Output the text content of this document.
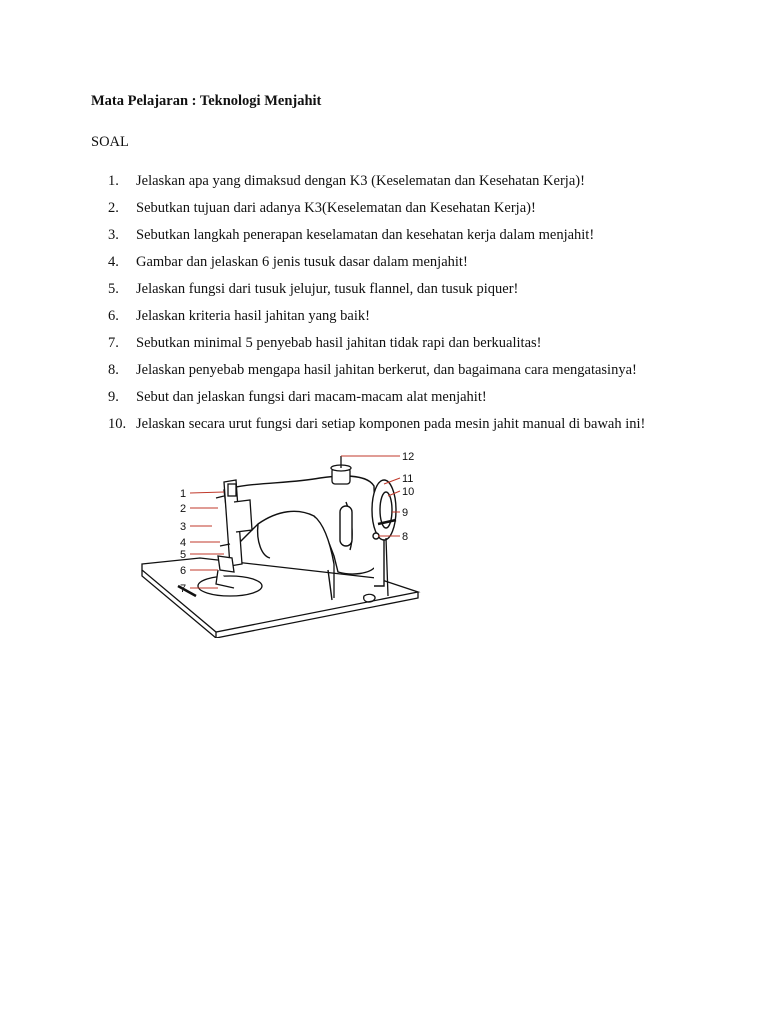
Mata Pelajaran : Teknologi Menjahit
SOAL
1.	Jelaskan apa yang dimaksud dengan K3 (Keselematan dan Kesehatan Kerja)!
2.	Sebutkan tujuan dari adanya K3(Keselematan dan Kesehatan Kerja)!
3.	Sebutkan langkah penerapan keselamatan dan kesehatan kerja dalam menjahit!
4.	Gambar dan jelaskan 6 jenis tusuk dasar dalam menjahit!
5.	Jelaskan fungsi dari tusuk jelujur, tusuk flannel, dan tusuk piquer!
6.	Jelaskan kriteria hasil jahitan yang baik!
7.	Sebutkan minimal 5 penyebab hasil jahitan tidak rapi dan berkualitas!
8.	Jelaskan penyebab mengapa hasil jahitan berkerut, dan bagaimana cara mengatasinya!
9.	Sebut dan jelaskan fungsi dari macam-macam alat menjahit!
10. Jelaskan secara urut fungsi dari setiap komponen pada mesin jahit manual di bawah ini!
12
11
10
9
8
1
2
3
4
5
6
7
